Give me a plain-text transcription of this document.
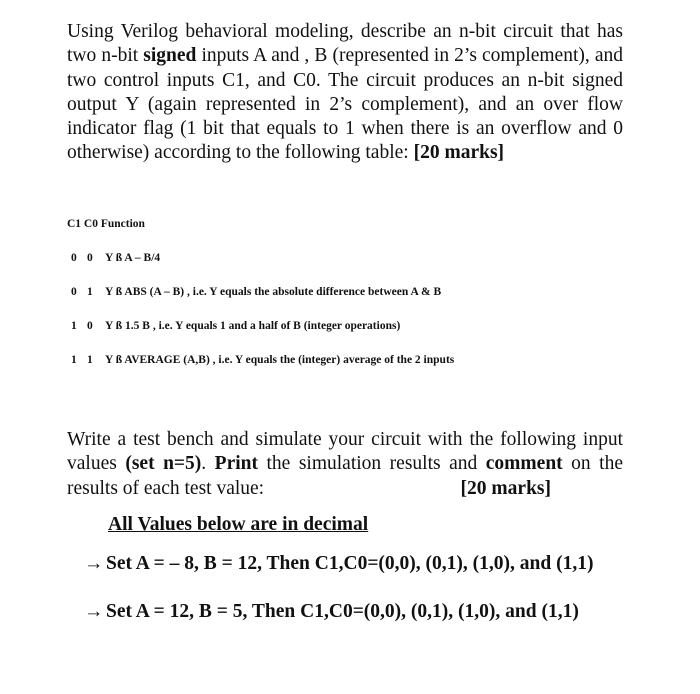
Using Verilog behavioral modeling, describe an n-bit circuit that has two n-bit signed inputs A and , B (represented in 2’s complement), and two control inputs C1, and C0. The circuit produces an n-bit signed output Y (again represented in 2’s complement), and an over flow indicator flag (1 bit that equals to 1 when there is an overflow and 0 otherwise) according to the following table: [20 marks]
C1 C0 Function
0 0 Y ß A – B/4
0 1 Y ß ABS (A – B) , i.e. Y equals the absolute difference between A & B
1 0 Y ß 1.5 B , i.e. Y equals 1 and a half of B (integer operations)
1 1 Y ß AVERAGE (A,B) , i.e. Y equals the (integer) average of the 2 inputs
Write a test bench and simulate your circuit with the following input values (set n=5). Print the simulation results and comment on the results of each test value:	[20 marks]
All Values below are in decimal
→ Set A = – 8, B = 12, Then C1,C0=(0,0), (0,1), (1,0), and (1,1)
→ Set A = 12, B = 5, Then C1,C0=(0,0), (0,1), (1,0), and (1,1)
